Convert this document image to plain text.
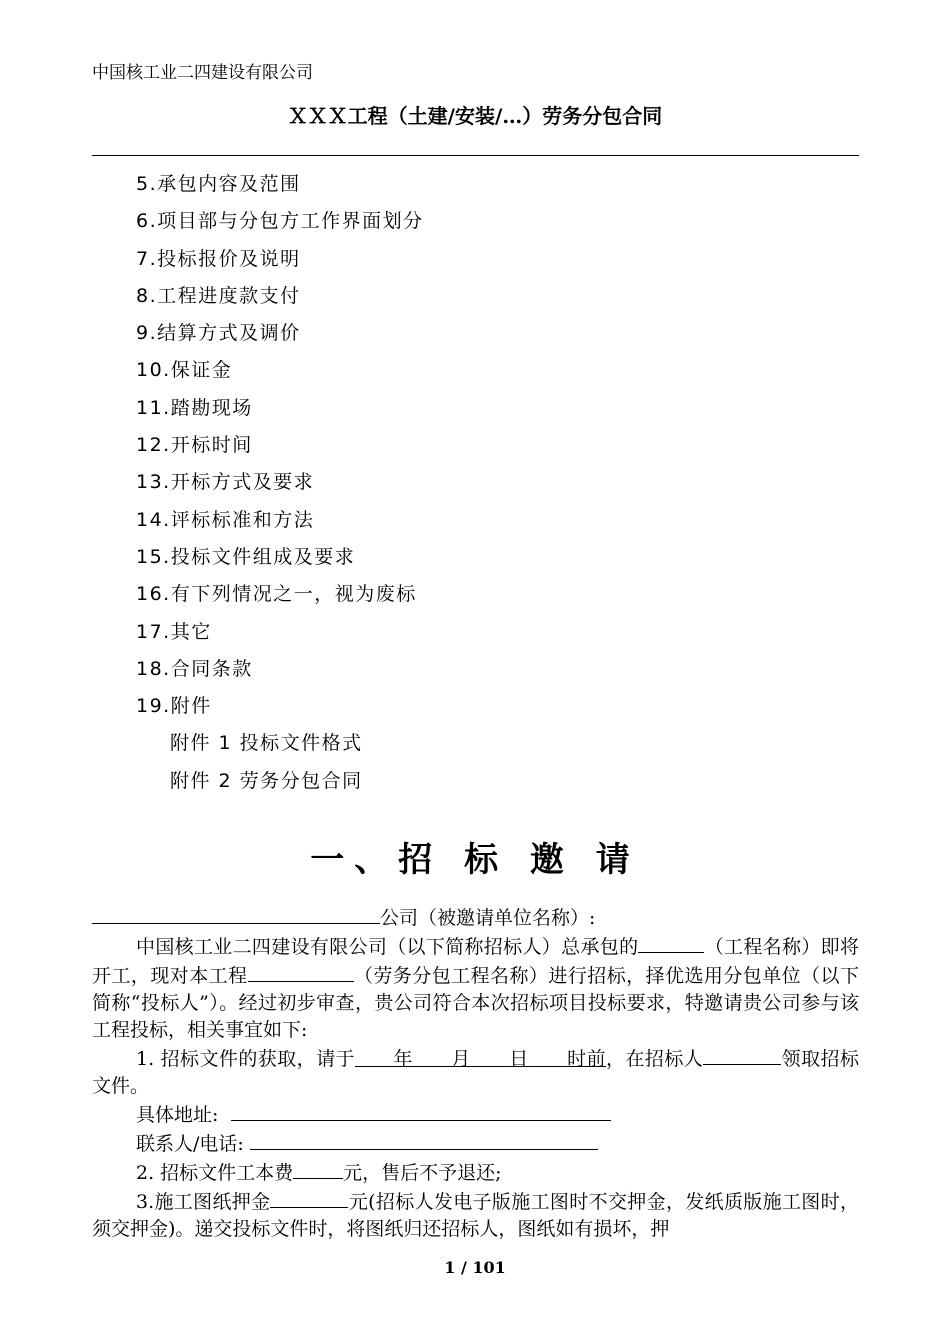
中国核工业二四建设有限公司
ＸＸＸ工程（土建/安装/…）劳务分包合同
5.承包内容及范围
6.项目部与分包方工作界面划分
7.投标报价及说明
8.工程进度款支付
9.结算方式及调价
10.保证金
11.踏勘现场
12.开标时间
13.开标方式及要求
14.评标标准和方法
15.投标文件组成及要求
16.有下列情况之一，视为废标
17.其它
18.合同条款
19.附件
附件 1 投标文件格式
附件 2 劳务分包合同
一、招 标 邀 请

公司（被邀请单位名称）:

中国核工业二四建设有限公司（以下简称招标人）总承包的	（工程名称）即将开工，现对本工程	（劳务分包工程名称）进行招标，择优选用分包单位（以下简称“投标人”）。经过初步审查，贵公司符合本次招标项目投标要求，特邀请贵公司参与该工程投标，相关事宜如下:

1. 招标文件的获取，请于   年   月   日   时前，在招标人	领取招标文件。

具体地址:

联系人/电话:

2. 招标文件工本费	元，售后不予退还;

3.施工图纸押金	元(招标人发电子版施工图时不交押金，发纸质版施工图时，须交押金)。递交投标文件时，将图纸归还招标人，图纸如有损坏，押

1 / 101
